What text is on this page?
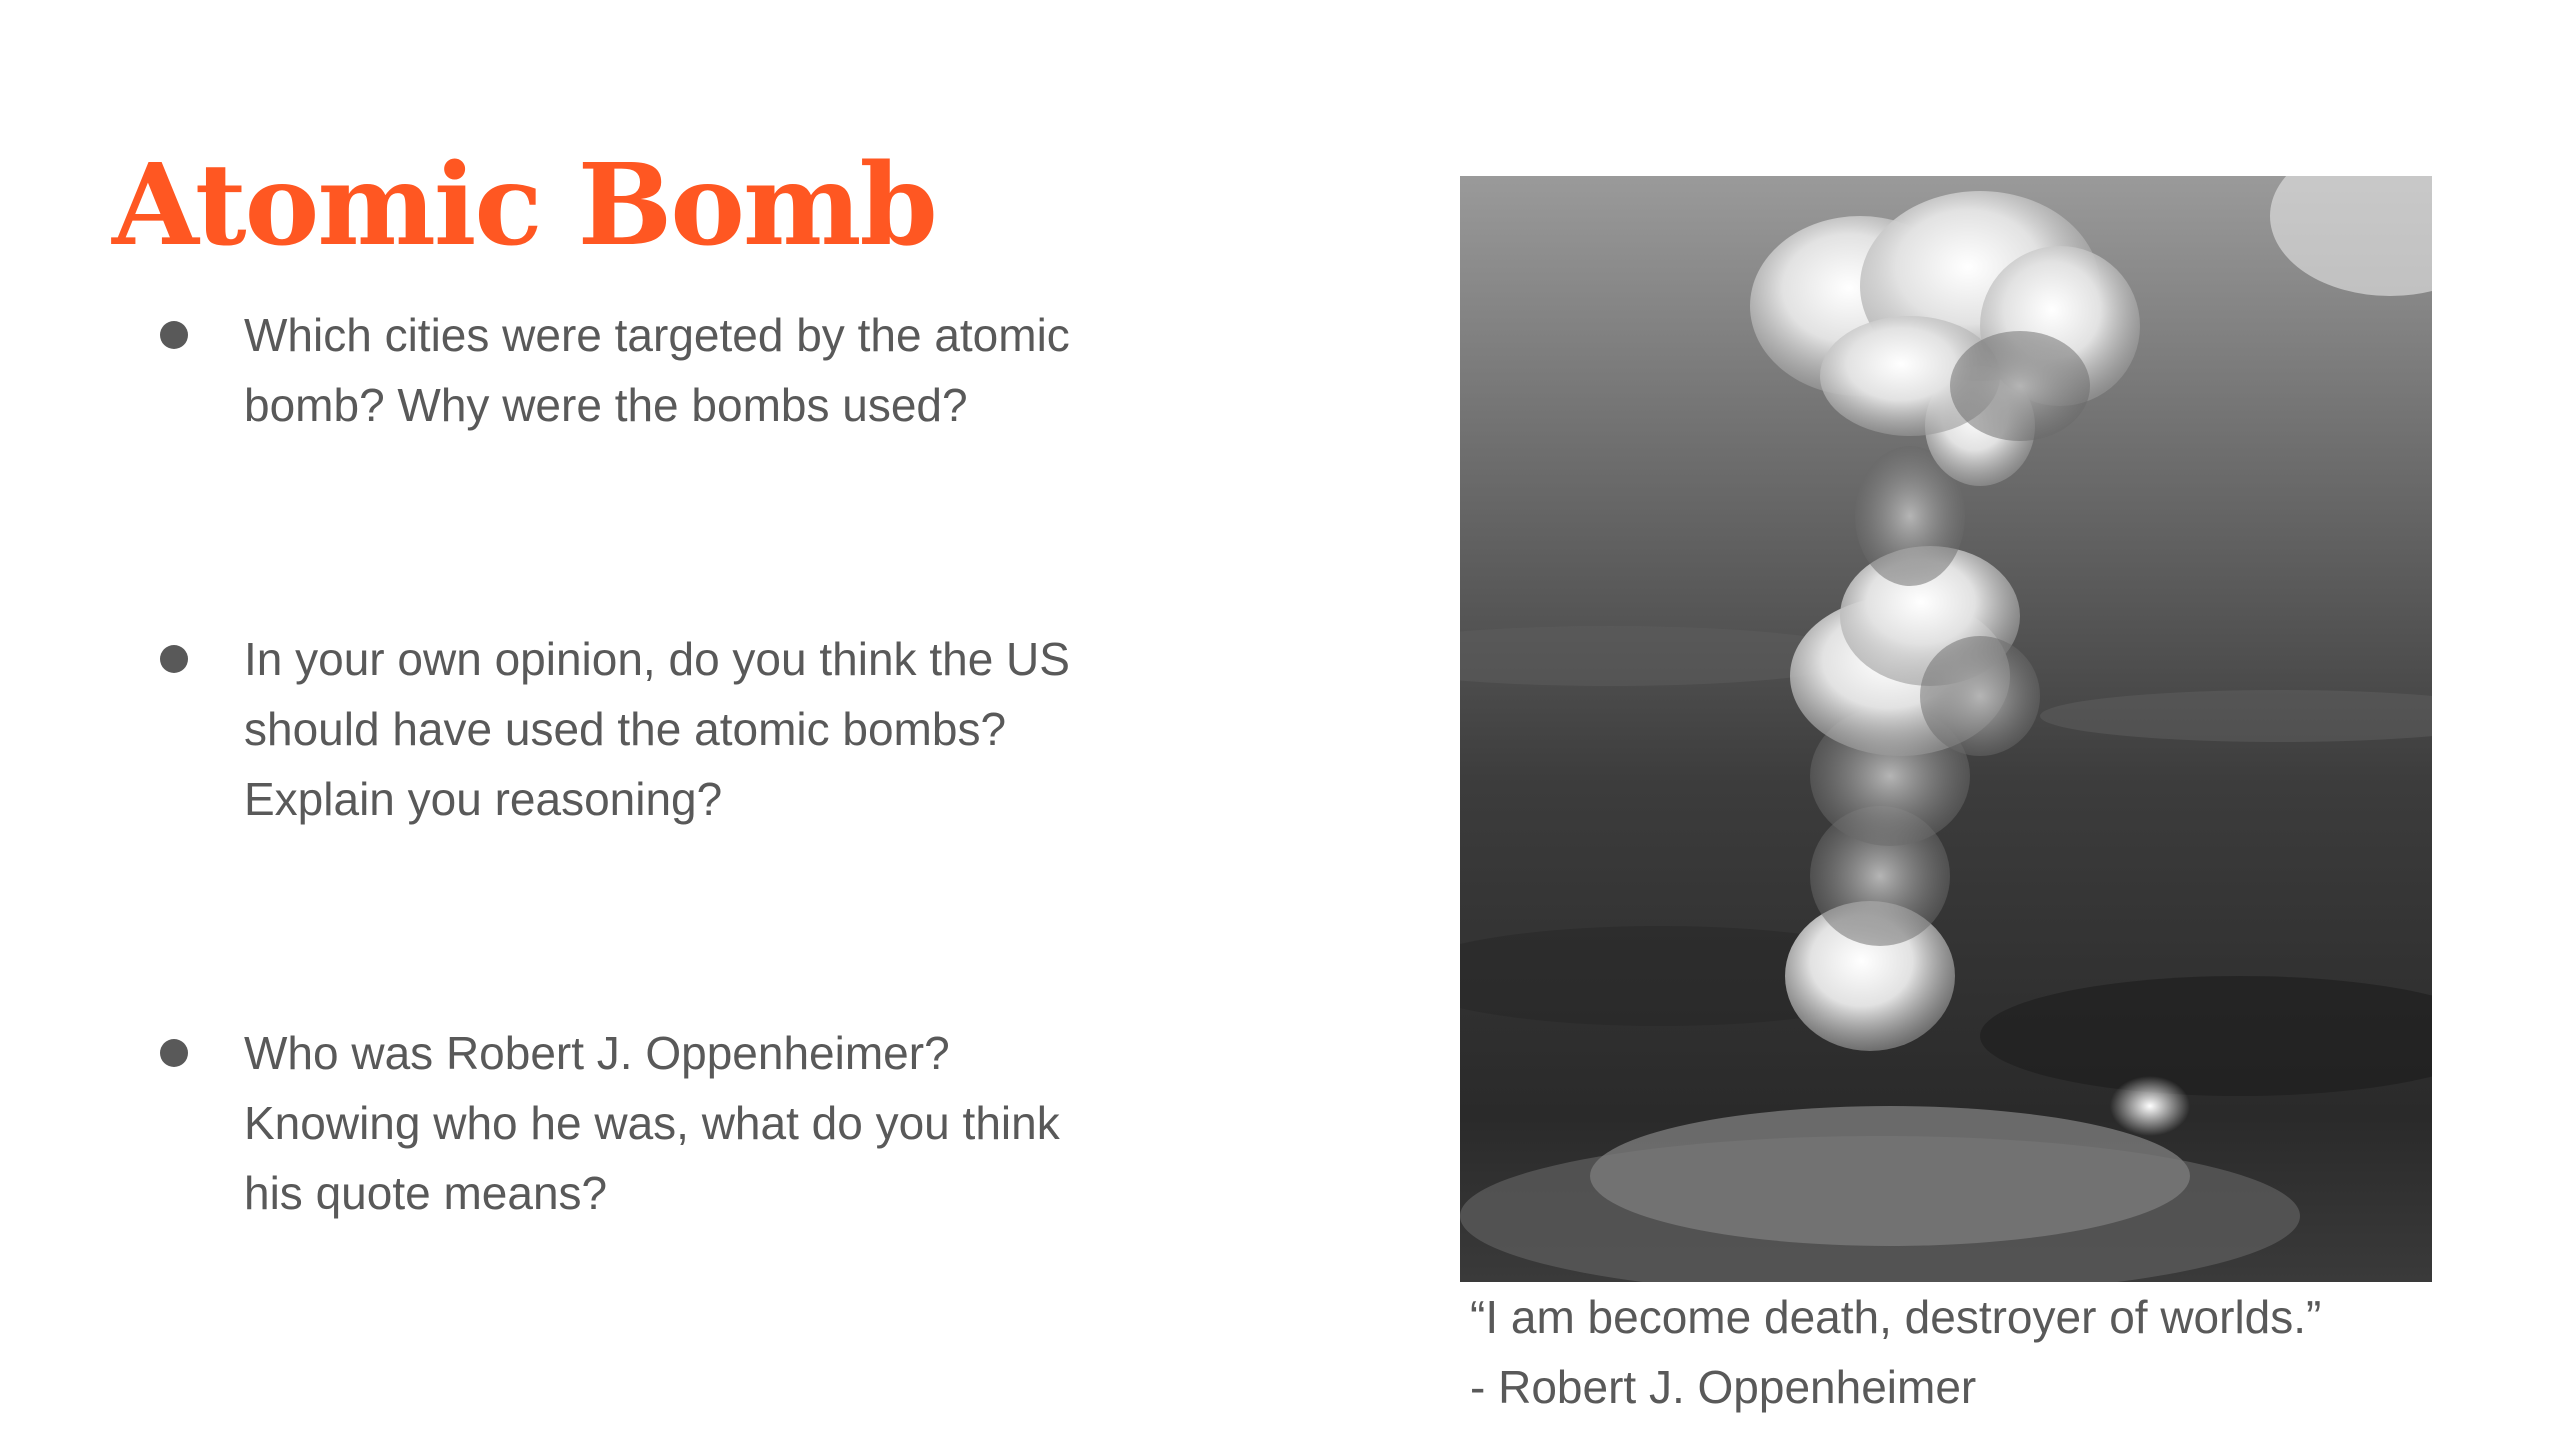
Atomic Bomb
Which cities were targeted by the atomic
bomb? Why were the bombs used?
In your own opinion, do you think the US
should have used the atomic bombs?
Explain you reasoning?
Who was Robert J. Oppenheimer?
Knowing who he was, what do you think
his quote means?
“I am become death, destroyer of worlds.”
- Robert J. Oppenheimer
